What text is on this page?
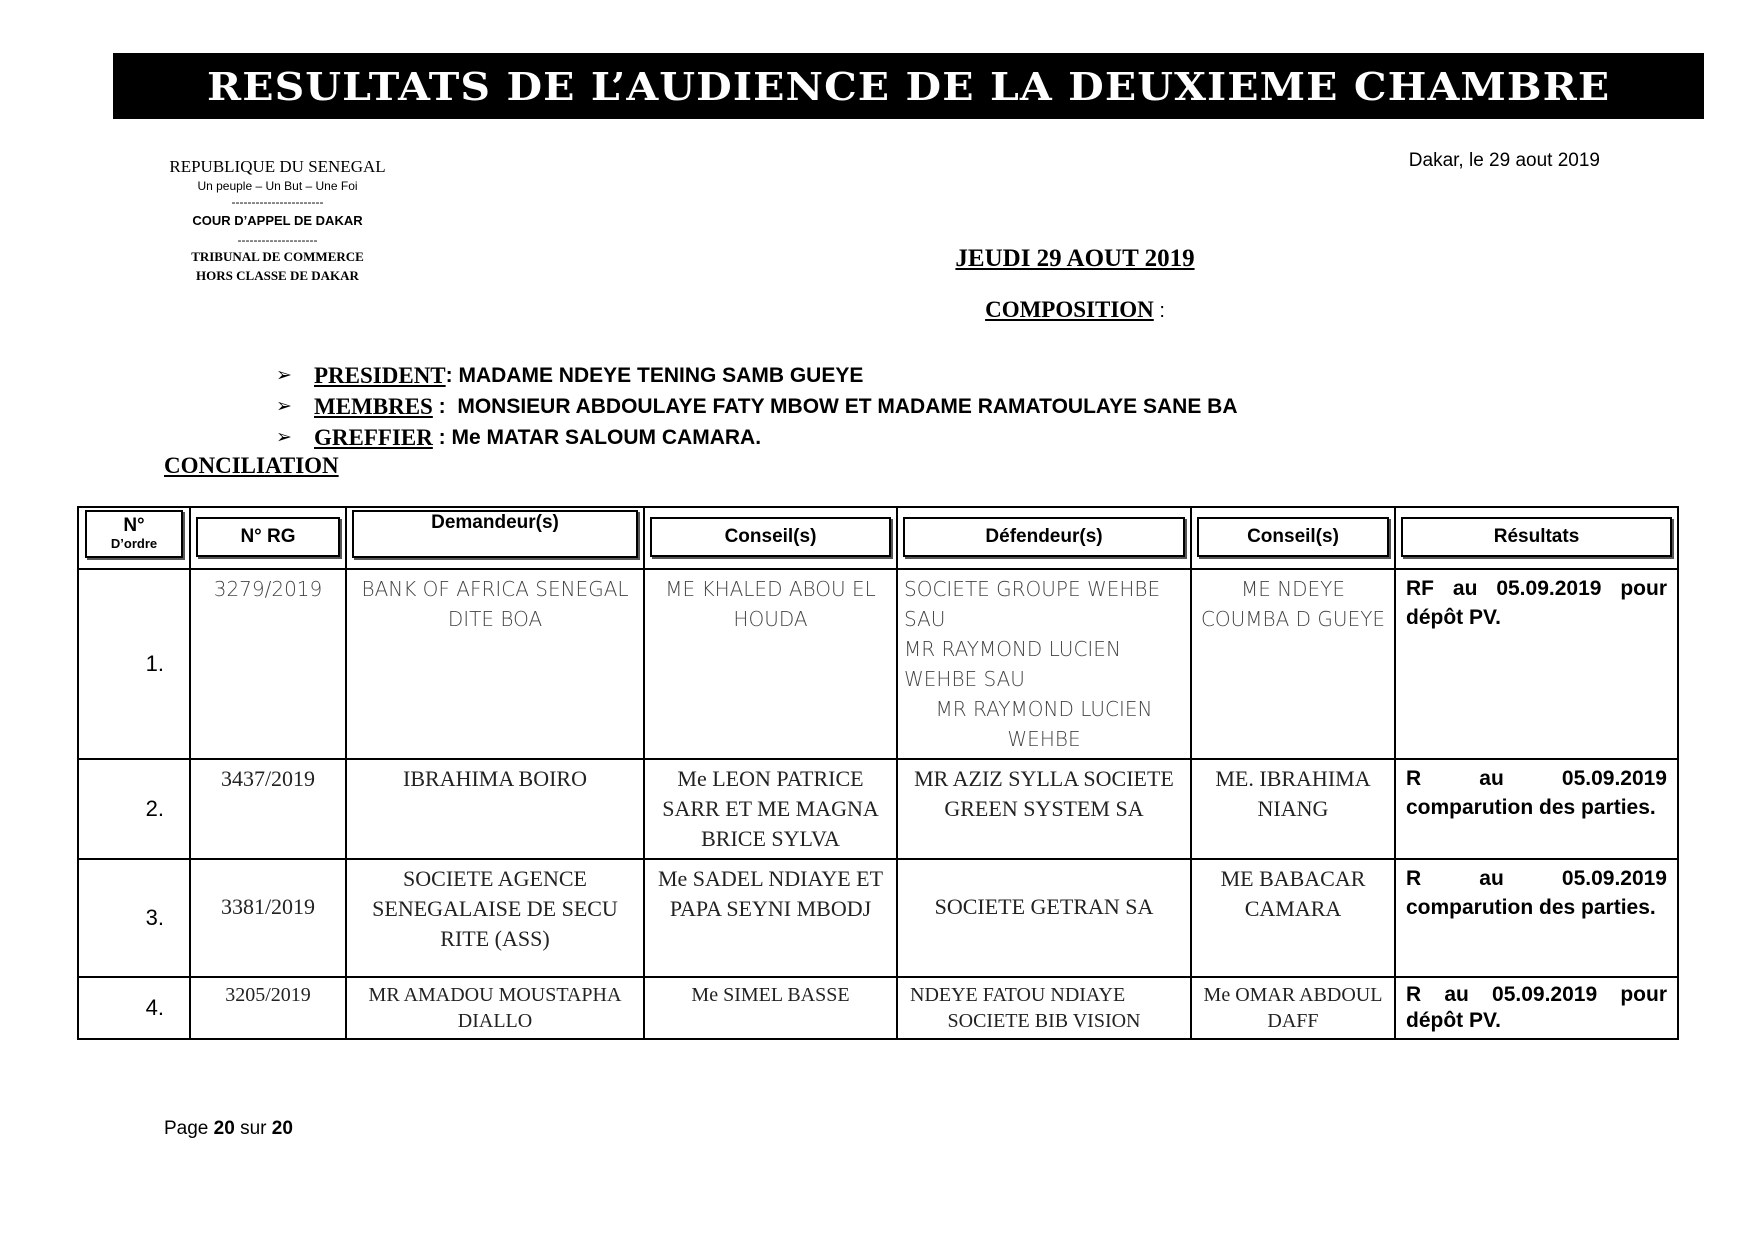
RESULTATS DE L’AUDIENCE DE LA DEUXIEME CHAMBRE
REPUBLIQUE DU SENEGAL
Un peuple – Un But – Une Foi
-----------------------
COUR D’APPEL DE DAKAR
--------------------
TRIBUNAL DE COMMERCE
HORS CLASSE DE DAKAR
Dakar, le 29 aout 2019
JEUDI 29 AOUT 2019
COMPOSITION :
➢ PRESIDENT : MADAME NDEYE TENING SAMB GUEYE
➢ MEMBRES : MONSIEUR ABDOULAYE FATY MBOW ET MADAME RAMATOULAYE SANE BA
➢ GREFFIER : Me MATAR SALOUM CAMARA.
CONCILIATION
N°
D’ordre	N° RG	Demandeur(s)	Conseil(s)	Défendeur(s)	Conseil(s)	Résultats

1.	3279/2019	BANK OF AFRICA SENEGAL DITE BOA	ME KHALED ABOU EL HOUDA	SOCIETE GROUPE WEHBE SAU
MR RAYMOND LUCIEN WEHBE SAU
MR RAYMOND LUCIEN WEHBE	ME NDEYE COUMBA D GUEYE	RF au 05.09.2019 pour dépôt PV.
2.	3437/2019	IBRAHIMA BOIRO	Me LEON PATRICE SARR ET ME MAGNA BRICE SYLVA	MR AZIZ SYLLA SOCIETE GREEN SYSTEM SA	ME. IBRAHIMA NIANG	R au 05.09.2019 comparution des parties.
3.	3381/2019	SOCIETE AGENCE SENEGALAISE DE SECU RITE (ASS)	Me SADEL NDIAYE ET PAPA SEYNI MBODJ	SOCIETE GETRAN SA	ME BABACAR CAMARA	R au 05.09.2019 comparution des parties.
4.	3205/2019	MR AMADOU MOUSTAPHA DIALLO	Me SIMEL BASSE	NDEYE FATOU NDIAYE
SOCIETE BIB VISION	Me OMAR ABDOUL DAFF	R au 05.09.2019 pour dépôt PV.
Page 20 sur 20
